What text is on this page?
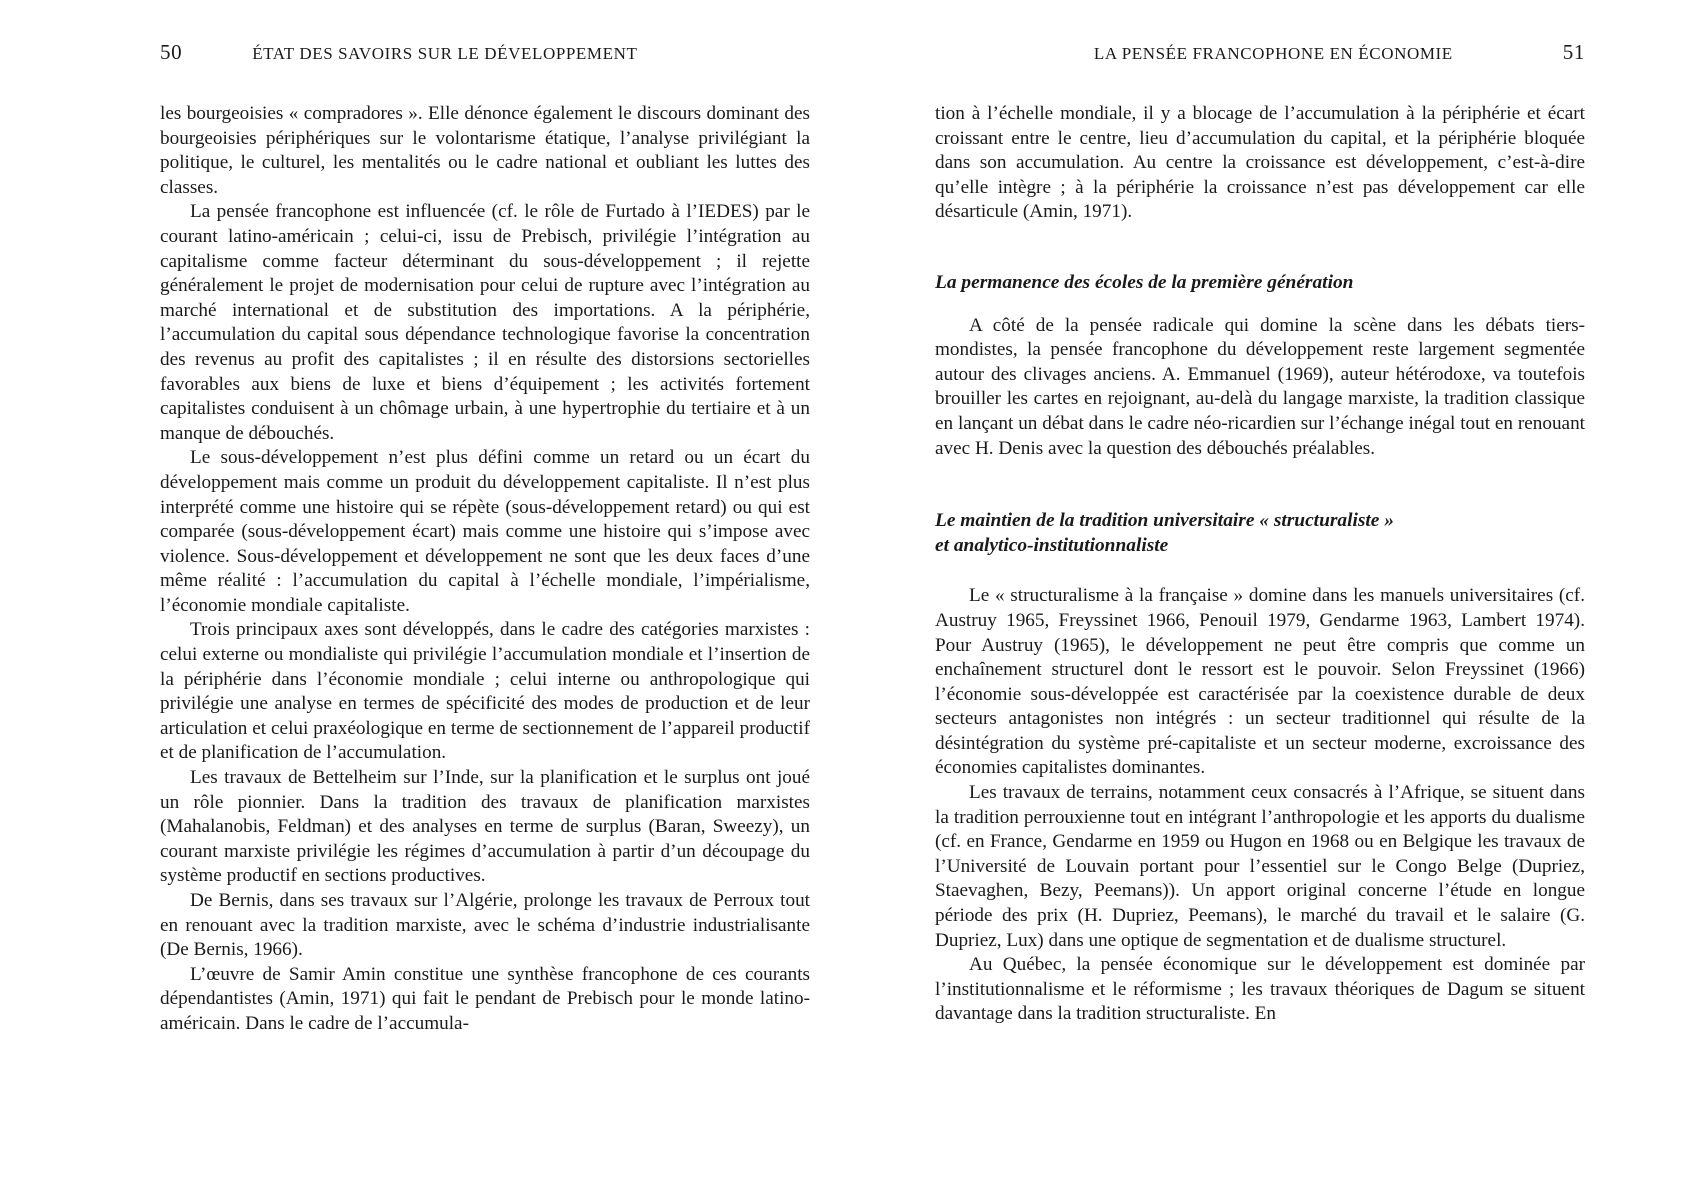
50	ÉTAT DES SAVOIRS SUR LE DÉVELOPPEMENT

les bourgeoisies « compradores ». Elle dénonce également le discours dominant des bourgeoisies périphériques sur le volontarisme étatique, l’analyse privilégiant la politique, le culturel, les mentalités ou le cadre national et oubliant les luttes des classes.

La pensée francophone est influencée (cf. le rôle de Furtado à l’IEDES) par le courant latino-américain ; celui-ci, issu de Prebisch, privilégie l’intégration au capitalisme comme facteur déterminant du sous-développement ; il rejette généralement le projet de modernisation pour celui de rupture avec l’intégration au marché international et de substitution des importations. A la périphérie, l’accumulation du capital sous dépendance technologique favorise la concentration des revenus au profit des capitalistes ; il en résulte des distorsions sectorielles favorables aux biens de luxe et biens d’équipement ; les activités fortement capitalistes conduisent à un chômage urbain, à une hypertrophie du tertiaire et à un manque de débouchés.

Le sous-développement n’est plus défini comme un retard ou un écart du développement mais comme un produit du développement capitaliste. Il n’est plus interprété comme une histoire qui se répète (sous-développement retard) ou qui est comparée (sous-développement écart) mais comme une histoire qui s’impose avec violence. Sous-développement et développement ne sont que les deux faces d’une même réalité : l’accumulation du capital à l’échelle mondiale, l’impérialisme, l’économie mondiale capitaliste.

Trois principaux axes sont développés, dans le cadre des catégories marxistes : celui externe ou mondialiste qui privilégie l’accumulation mondiale et l’insertion de la périphérie dans l’économie mondiale ; celui interne ou anthropologique qui privilégie une analyse en termes de spécificité des modes de production et de leur articulation et celui praxéologique en terme de sectionnement de l’appareil productif et de planification de l’accumulation.

Les travaux de Bettelheim sur l’Inde, sur la planification et le surplus ont joué un rôle pionnier. Dans la tradition des travaux de planification marxistes (Mahalanobis, Feldman) et des analyses en terme de surplus (Baran, Sweezy), un courant marxiste privilégie les régimes d’accumulation à partir d’un découpage du système productif en sections productives.

De Bernis, dans ses travaux sur l’Algérie, prolonge les travaux de Perroux tout en renouant avec la tradition marxiste, avec le schéma d’industrie industrialisante (De Bernis, 1966).

L’œuvre de Samir Amin constitue une synthèse francophone de ces courants dépendantistes (Amin, 1971) qui fait le pendant de Prebisch pour le monde latino-américain. Dans le cadre de l’accumula-

LA PENSÉE FRANCOPHONE EN ÉCONOMIE	51

tion à l’échelle mondiale, il y a blocage de l’accumulation à la périphérie et écart croissant entre le centre, lieu d’accumulation du capital, et la périphérie bloquée dans son accumulation. Au centre la croissance est développement, c’est-à-dire qu’elle intègre ; à la périphérie la croissance n’est pas développement car elle désarticule (Amin, 1971).

La permanence des écoles de la première génération

A côté de la pensée radicale qui domine la scène dans les débats tiers-mondistes, la pensée francophone du développement reste largement segmentée autour des clivages anciens. A. Emmanuel (1969), auteur hétérodoxe, va toutefois brouiller les cartes en rejoignant, au-delà du langage marxiste, la tradition classique en lançant un débat dans le cadre néo-ricardien sur l’échange inégal tout en renouant avec H. Denis avec la question des débouchés préalables.

Le maintien de la tradition universitaire « structuraliste »
et analytico-institutionnaliste

Le « structuralisme à la française » domine dans les manuels universitaires (cf. Austruy 1965, Freyssinet 1966, Penouil 1979, Gendarme 1963, Lambert 1974). Pour Austruy (1965), le développement ne peut être compris que comme un enchaînement structurel dont le ressort est le pouvoir. Selon Freyssinet (1966) l’économie sous-développée est caractérisée par la coexistence durable de deux secteurs antagonistes non intégrés : un secteur traditionnel qui résulte de la désintégration du système pré-capitaliste et un secteur moderne, excroissance des économies capitalistes dominantes.

Les travaux de terrains, notamment ceux consacrés à l’Afrique, se situent dans la tradition perrouxienne tout en intégrant l’anthropologie et les apports du dualisme (cf. en France, Gendarme en 1959 ou Hugon en 1968 ou en Belgique les travaux de l’Université de Louvain portant pour l’essentiel sur le Congo Belge (Dupriez, Staevaghen, Bezy, Peemans)). Un apport original concerne l’étude en longue période des prix (H. Dupriez, Peemans), le marché du travail et le salaire (G. Dupriez, Lux) dans une optique de segmentation et de dualisme structurel.

Au Québec, la pensée économique sur le développement est dominée par l’institutionnalisme et le réformisme ; les travaux théoriques de Dagum se situent davantage dans la tradition structuraliste. En
